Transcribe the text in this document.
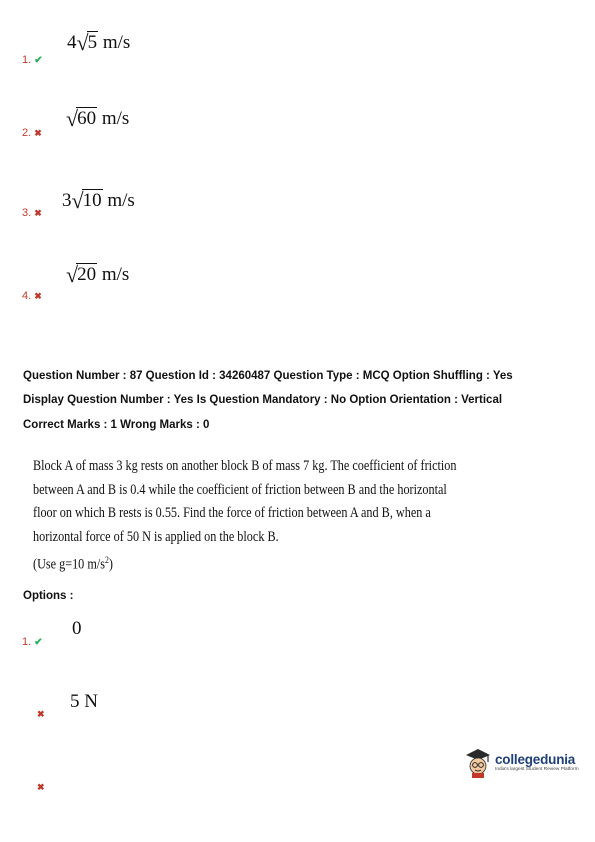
4√5 m/s
1. ✔
√60 m/s
2. ✖
3√10 m/s
3. ✖
√20 m/s
4. ✖
Question Number : 87 Question Id : 34260487 Question Type : MCQ Option Shuffling : Yes
Display Question Number : Yes Is Question Mandatory : No Option Orientation : Vertical
Correct Marks : 1 Wrong Marks : 0
Block A of mass 3 kg rests on another block B of mass 7 kg. The coefficient of friction
between A and B is 0.4 while the coefficient of friction between B and the horizontal
floor on which B rests is 0.55. Find the force of friction between A and B, when a
horizontal force of 50 N is applied on the block B.
(Use g=10 $m/s^2$)
Options :
0
1. ✔
5 N
✖
✖
collegedunia
India's largest Student Review Platform
